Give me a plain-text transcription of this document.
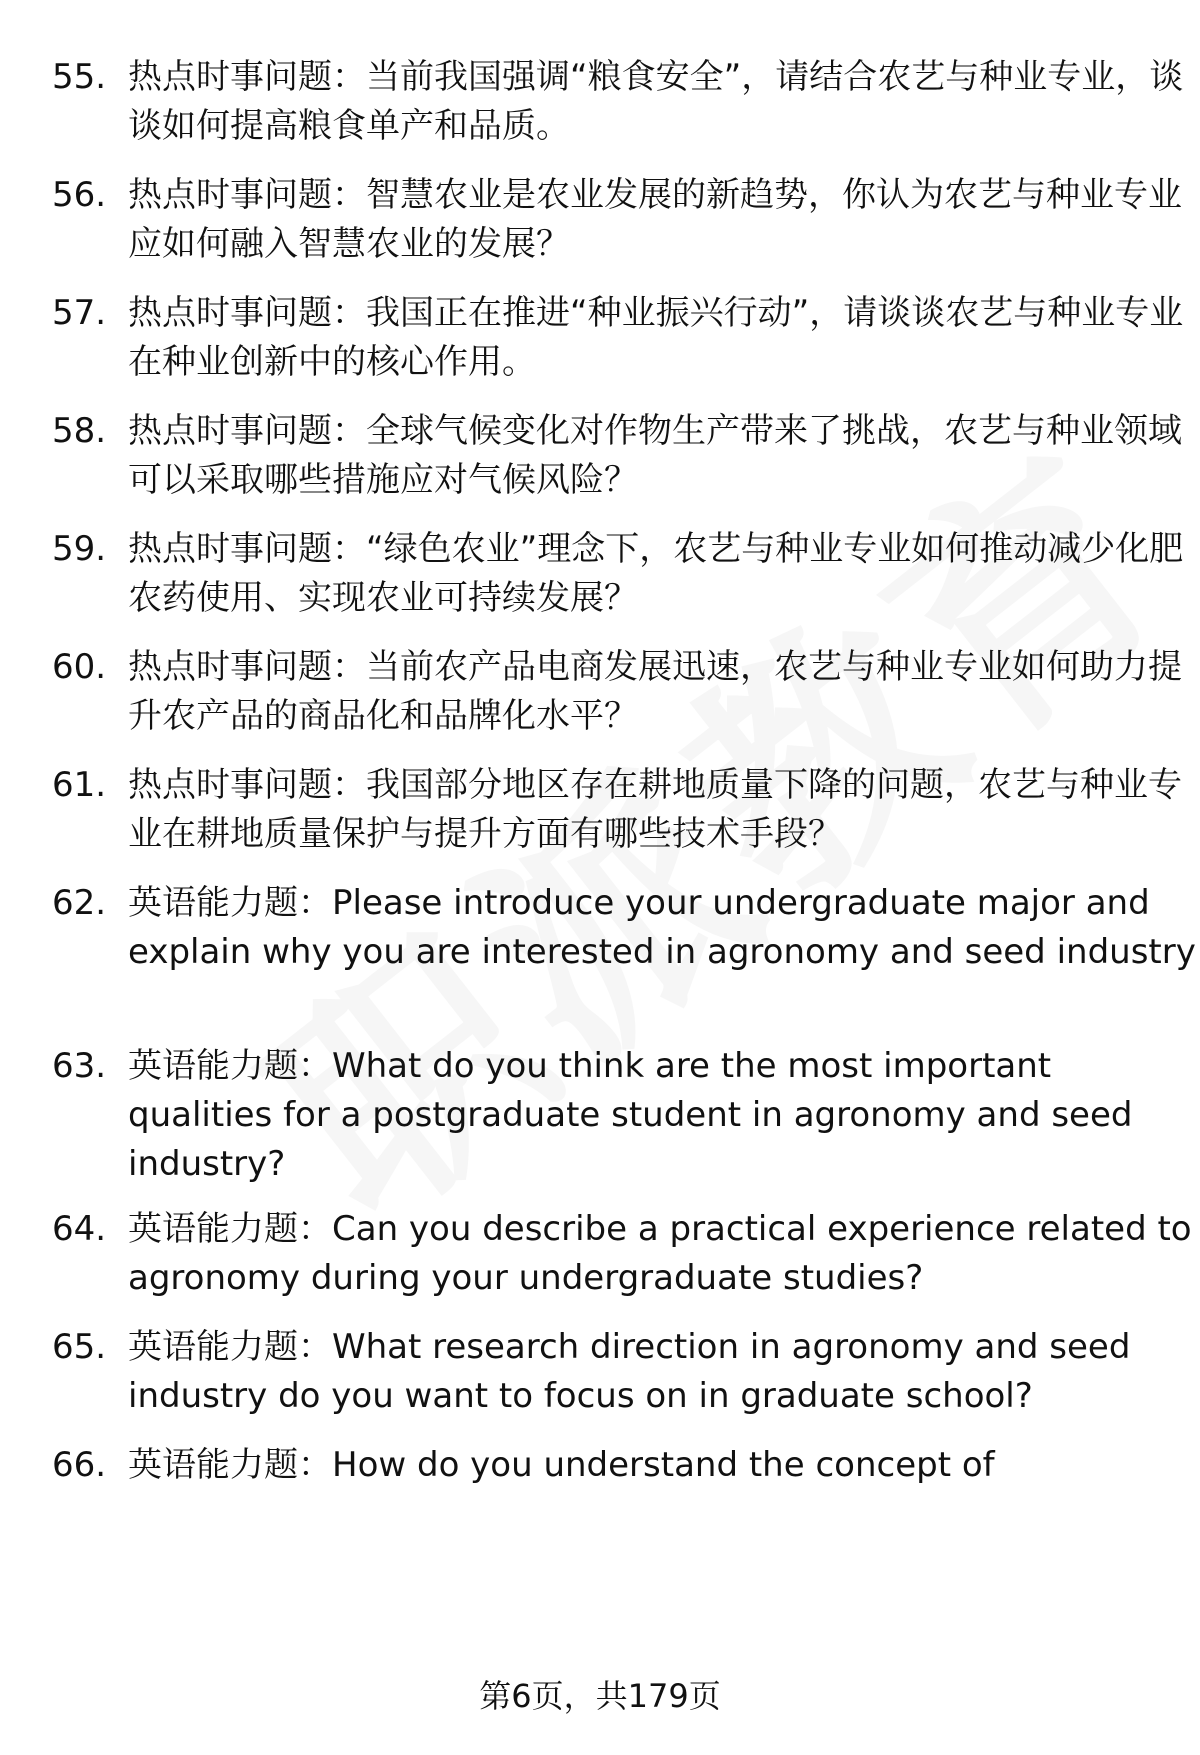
55. 热点时事问题：当前我国强调“粮食安全”，请结合农艺与种业专业，谈谈如何提高粮食单产和品质。
56. 热点时事问题：智慧农业是农业发展的新趋势，你认为农艺与种业专业应如何融入智慧农业的发展？
57. 热点时事问题：我国正在推进“种业振兴行动”，请谈谈农艺与种业专业在种业创新中的核心作用。
58. 热点时事问题：全球气候变化对作物生产带来了挑战，农艺与种业领域可以采取哪些措施应对气候风险？
59. 热点时事问题：“绿色农业”理念下，农艺与种业专业如何推动减少化肥农药使用、实现农业可持续发展？
60. 热点时事问题：当前农产品电商发展迅速，农艺与种业专业如何助力提升农产品的商品化和品牌化水平？
61. 热点时事问题：我国部分地区存在耕地质量下降的问题，农艺与种业专业在耕地质量保护与提升方面有哪些技术手段？
62. 英语能力题：Please introduce your undergraduate major and explain why you are interested in agronomy and seed industry
63. 英语能力题：What do you think are the most important qualities for a postgraduate student in agronomy and seed industry?
64. 英语能力题：Can you describe a practical experience related to agronomy during your undergraduate studies?
65. 英语能力题：What research direction in agronomy and seed industry do you want to focus on in graduate school?
66. 英语能力题：How do you understand the concept of
第6页，共179页
